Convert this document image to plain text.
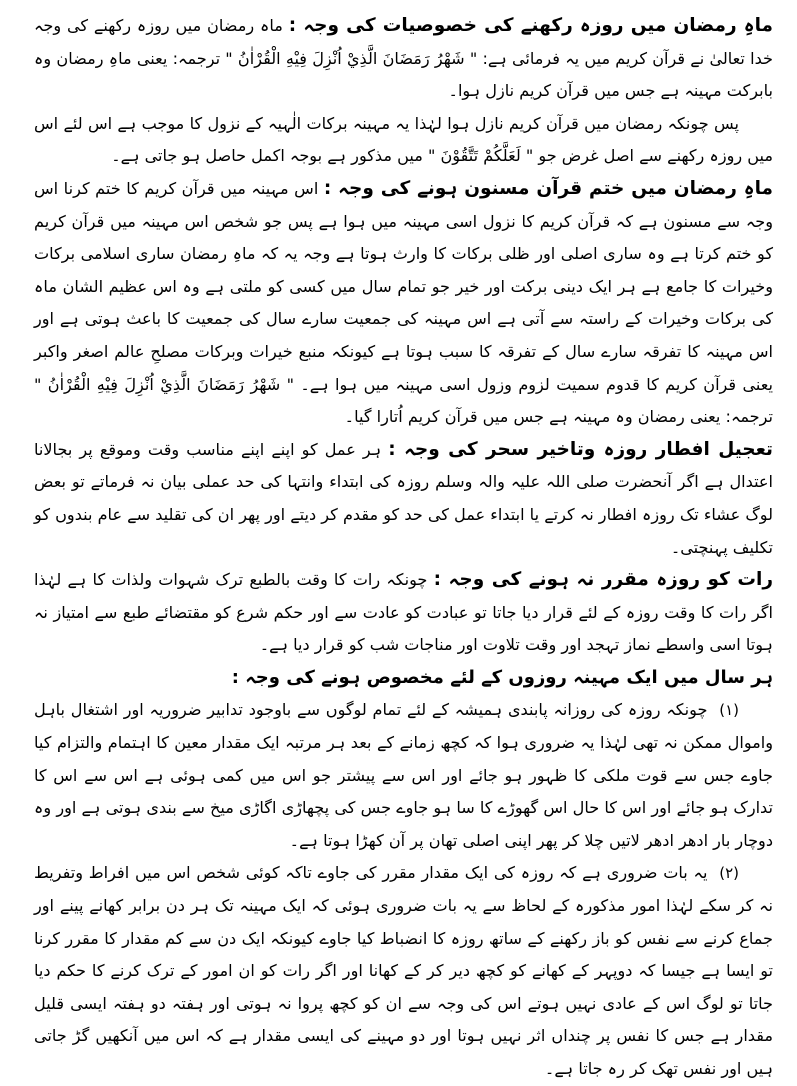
ماہِ رمضان میں روزہ رکھنے کی خصوصیات کی وجہ : ماہ رمضان میں روزہ رکھنے کی وجہ خدا تعالیٰ نے قرآن کریم میں یہ فرمائی ہے: " شَهْرُ رَمَضَانَ الَّذِيْ اُنْزِلَ فِيْهِ الْقُرْاٰنُ " ترجمہ: یعنی ماہِ رمضان وہ بابرکت مہینہ ہے جس میں قرآن کریم نازل ہوا۔

پس چونکہ رمضان میں قرآن کریم نازل ہوا لہٰذا یہ مہینہ برکات الٰہیہ کے نزول کا موجب ہے اس لئے اس میں روزہ رکھنے سے اصل غرض جو " لَعَلَّكُمْ تَتَّقُوْنَ " میں مذکور ہے بوجہ اکمل حاصل ہو جاتی ہے۔

ماہِ رمضان میں ختم قرآن مسنون ہونے کی وجہ : اس مہینہ میں قرآن کریم کا ختم کرنا اس وجہ سے مسنون ہے کہ قرآن کریم کا نزول اسی مہینہ میں ہوا ہے پس جو شخص اس مہینہ میں قرآن کریم کو ختم کرتا ہے وہ ساری اصلی اور ظلی برکات کا وارث ہوتا ہے وجہ یہ کہ ماہِ رمضان ساری اسلامی برکات وخیرات کا جامع ہے ہر ایک دینی برکت اور خیر جو تمام سال میں کسی کو ملتی ہے وہ اس عظیم الشان ماہ کی برکات وخیرات کے راستہ سے آتی ہے اس مہینہ کی جمعیت سارے سال کی جمعیت کا باعث ہوتی ہے اور اس مہینہ کا تفرقہ سارے سال کے تفرقہ کا سبب ہوتا ہے کیونکہ منبع خیرات وبرکات مصلحِ عالم اصغر واکبر یعنی قرآن کریم کا قدوم سمیت لزوم وزول اسی مہینہ میں ہوا ہے۔ " شَهْرُ رَمَضَانَ الَّذِيْ اُنْزِلَ فِيْهِ الْقُرْاٰنُ " ترجمہ: یعنی رمضان وہ مہینہ ہے جس میں قرآن کریم اُتارا گیا۔

تعجیل افطار روزہ وتاخیر سحر کی وجہ : ہر عمل کو اپنے اپنے مناسب وقت وموقع پر بجالانا اعتدال ہے اگر آنحضرت صلی اللہ علیہ والہ وسلم روزہ کی ابتداء وانتہا کی حد عملی بیان نہ فرماتے تو بعض لوگ عشاء تک روزہ افطار نہ کرتے یا ابتداء عمل کی حد کو مقدم کر دیتے اور پھر ان کی تقلید سے عام بندوں کو تکلیف پہنچتی۔

رات کو روزہ مقرر نہ ہونے کی وجہ : چونکہ رات کا وقت بالطبع ترک شہوات ولذات کا ہے لہٰذا اگر رات کا وقت روزہ کے لئے قرار دیا جاتا تو عبادت کو عادت سے اور حکم شرع کو مقتضائے طبع سے امتیاز نہ ہوتا اسی واسطے نماز تہجد اور وقت تلاوت اور مناجات شب کو قرار دیا ہے۔

ہر سال میں ایک مہینہ روزوں کے لئے مخصوص ہونے کی وجہ :

(۱) چونکہ روزہ کی روزانہ پابندی ہمیشہ کے لئے تمام لوگوں سے باوجود تدابیر ضروریہ اور اشتغال باہل واموال ممکن نہ تھی لہٰذا یہ ضروری ہوا کہ کچھ زمانے کے بعد ہر مرتبہ ایک مقدار معین کا اہتمام والتزام کیا جاوے جس سے قوت ملکی کا ظہور ہو جائے اور اس سے پیشتر جو اس میں کمی ہوئی ہے اس سے اس کا تدارک ہو جائے اور اس کا حال اس گھوڑے کا سا ہو جاوے جس کی پچھاڑی اگاڑی میخ سے بندی ہوتی ہے اور وہ دوچار بار ادھر ادھر لاتیں چلا کر پھر اپنی اصلی تھان پر آن کھڑا ہوتا ہے۔

(۲) یہ بات ضروری ہے کہ روزہ کی ایک مقدار مقرر کی جاوے تاکہ کوئی شخص اس میں افراط وتفریط نہ کر سکے لہٰذا امور مذکورہ کے لحاظ سے یہ بات ضروری ہوئی کہ ایک مہینہ تک ہر دن برابر کھانے پینے اور جماع کرنے سے نفس کو باز رکھنے کے ساتھ روزہ کا انضباط کیا جاوے کیونکہ ایک دن سے کم مقدار کا مقرر کرنا تو ایسا ہے جیسا کہ دوپہر کے کھانے کو کچھ دیر کر کے کھانا اور اگر رات کو ان امور کے ترک کرنے کا حکم دیا جاتا تو لوگ اس کے عادی نہیں ہوتے اس کی وجہ سے ان کو کچھ پروا نہ ہوتی اور ہفتہ دو ہفتہ ایسی قلیل مقدار ہے جس کا نفس پر چنداں اثر نہیں ہوتا اور دو مہینے کی ایسی مقدار ہے کہ اس میں آنکھیں گڑ جاتی ہیں اور نفس تھک کر رہ جاتا ہے۔
